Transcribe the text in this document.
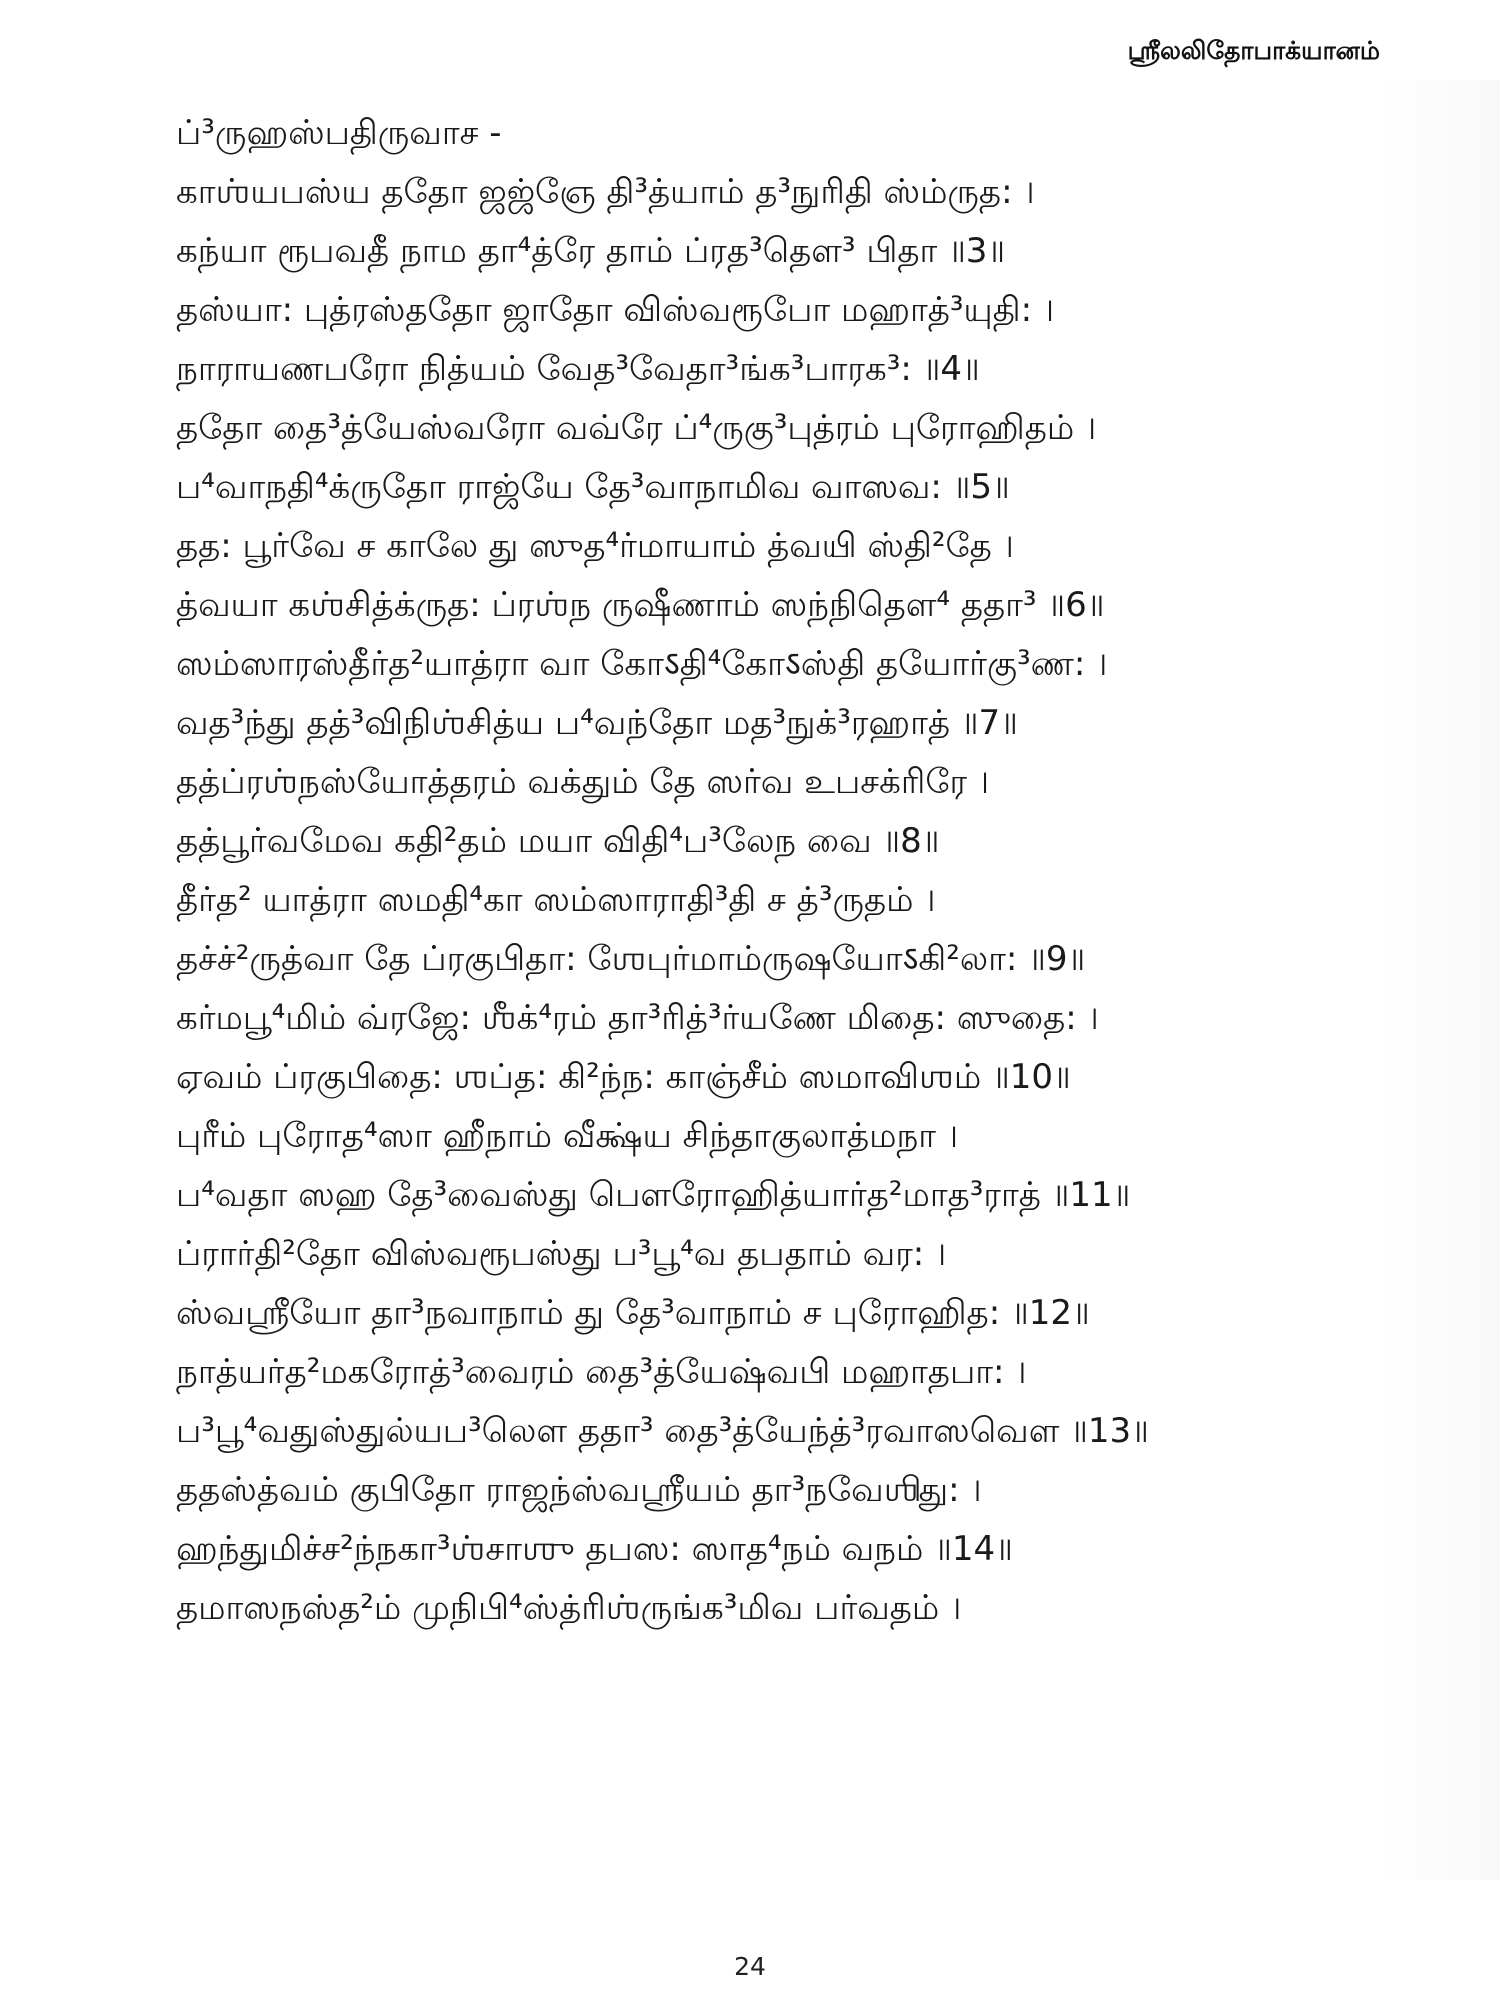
ஸ்ரீலலிதோபாக்யானம்
ப்³ருஹஸ்பதிருவாச -
காஶ்யபஸ்ய ததோ ஜஜ்ஞே தி³த்யாம் த³நுரிதி ஸ்ம்ருத꞉ ।
கந்யா ரூபவதீ நாம தா⁴த்ரே தாம் ப்ரத³தௌ³ பிதா ॥3॥
தஸ்யா꞉ புத்ரஸ்ததோ ஜாதோ விஸ்வரூபோ மஹாத்³யுதி꞉ ।
நாராயணபரோ நித்யம் வேத³வேதா³ங்க³பாரக³꞉ ॥4॥
ததோ தை³த்யேஸ்வரோ வவ்ரே ப்⁴ருகு³புத்ரம் புரோஹிதம் ।
ப⁴வாநதி⁴க்ருதோ ராஜ்யே தே³வாநாமிவ வாஸவ꞉ ॥5॥
தத꞉ பூர்வே ச காலே து ஸுத⁴ர்மாயாம் த்வயி ஸ்தி²தே ।
த்வயா கஶ்சித்க்ருத꞉ ப்ரஶ்ந ருஷீணாம் ஸந்நிதௌ⁴ ததா³ ॥6॥
ஸம்ஸாரஸ்தீர்த²யாத்ரா வா கோऽதி⁴கோऽஸ்தி தயோர்கு³ண꞉ ।
வத³ந்து தத்³விநிஶ்சித்ய ப⁴வந்தோ மத³நுக்³ரஹாத் ॥7॥
தத்ப்ரஶ்நஸ்யோத்தரம் வக்தும் தே ஸர்வ உபசக்ரிரே ।
தத்பூர்வமேவ கதி²தம் மயா விதி⁴ப³லேந வை ॥8॥
தீர்த² யாத்ரா ஸமதி⁴கா ஸம்ஸாராதி³தி ச த்³ருதம் ।
தச்ச்²ருத்வா தே ப்ரகுபிதா꞉ ஶேபுர்மாம்ருஷயோऽகி²லா꞉ ॥9॥
கர்மபூ⁴மிம் வ்ரஜே꞉ ஶீக்⁴ரம் தா³ரித்³ர்யணே மிதை꞉ ஸுதை꞉ ।
ஏவம் ப்ரகுபிதை꞉ ஶப்த꞉ கி²ந்ந꞉ காஞ்சீம் ஸமாவிஶம் ॥10॥
புரீம் புரோத⁴ஸா ஹீநாம் வீக்ஷ்ய சிந்தாகுலாத்மநா ।
ப⁴வதா ஸஹ தே³வைஸ்து பௌரோஹித்யார்த²மாத³ராத் ॥11॥
ப்ரார்தி²தோ விஸ்வரூபஸ்து ப³பூ⁴வ தபதாம் வர꞉ ।
ஸ்வஸ்ரீயோ தா³நவாநாம் து தே³வாநாம் ச புரோஹித꞉ ॥12॥
நாத்யர்த²மகரோத்³வைரம் தை³த்யேஷ்வபி மஹாதபா꞉ ।
ப³பூ⁴வதுஸ்துல்யப³லௌ ததா³ தை³த்யேந்த்³ரவாஸவௌ ॥13॥
ததஸ்த்வம் குபிதோ ராஜந்ஸ்வஸ்ரீயம் தா³நவேஶிது꞉ ।
ஹந்துமிச்ச²ந்நகா³ஶ்சாஶு தபஸ꞉ ஸாத⁴நம் வநம் ॥14॥
தமாஸநஸ்த²ம் முநிபி⁴ஸ்த்ரிஶ்ருங்க³மிவ பர்வதம் ।
24
